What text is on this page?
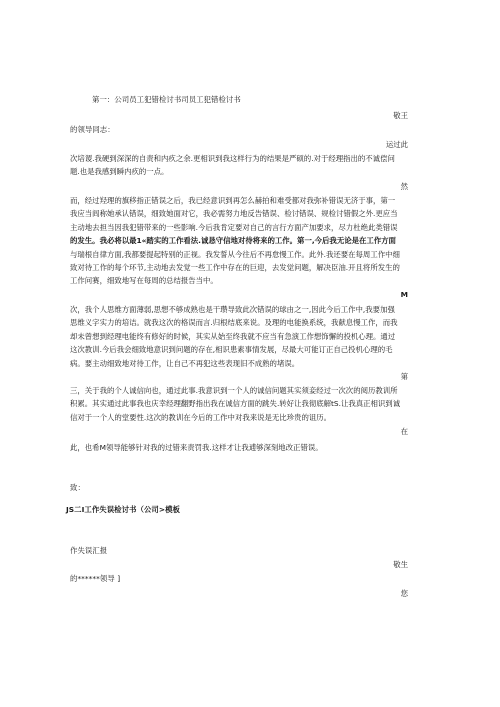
第一：公司员工犯错检讨书司员工犯错检讨书
敬王
的领导同志：
运过此
次培谡.我硬到深深的自责和内疚之余.更相识到我这样行为的结果是严硕的.对于经理指出的不诚偿问
题.也是我感到瞬内疚的一点。
然
而，经过羟理的旗移指正错误之后，我已经意识到再怎么赫拍和难受都对我弥补错误无济于事，第一
我应当闾称她承认错误，细致她面对它，我必需努力地反告错误、检讨错误、规检讨错假之外.更应当
主动地去担当因我犯错带来的一些影响.今后我肯定要对自己的言行方面产加要求，尽力杜绝此类错误
的发生。我必将以最1«踏实的工作看法.诚恳守信地对待将来的工作。第一,今后我无论是在工作方面
与瑞根自律方面,我都要提起特别的正视。我发誓从今往后不再怠慢工作。此外.我还要在每周工作中细
致对待工作的每个环节,主动地去发觉一些工作中存在的巨迎，去发觉问题，解决臣油.开且将所发生的
工作问赛，细致地写在每周的总结报告当中。
M
次，我个人思维方面薄弱,思想不够成熟也是干瓒导致此次错误的球由之一,因此今后工作中,我要加强
思维义字实力的培诘。就我这次的格误而言.归根结底来说。及理的电能换系统，我献息慢工作，而我
却未曾想到经理电能终有修好的时候，其实从始至终我就不应当有急演工作想饰懈的投机心理。通过
这次教训.今后我会细致地意识到问题的存在,相识患素事情发展，尽最大可能订正自己投机心理的毛
病。要主动细致地对待工作，让自己不再犯这些表现旧不成熟的堵误。
第
三，关于我的个人诚信向也，通过此事.我意识到一个人的诚信问题其实须妾经过一次次的阅历教训所
积累。其实通过此事我也庆幸经理翻野指出我在诚信方面的跳失.转好让我彻底解tS.让我真正相识到诚
信对于一个人的堂要性.这次的教训在今后的工作中对我来说是无比珍贵的诅历。
在
此，也希M领导能够针对我的过错来责罚我.这样才让我逋够深刻地改正错误。
致：
JS二I工作失误检讨书（公司>模板
作失误汇报
敬生
的******领导 ]
您
